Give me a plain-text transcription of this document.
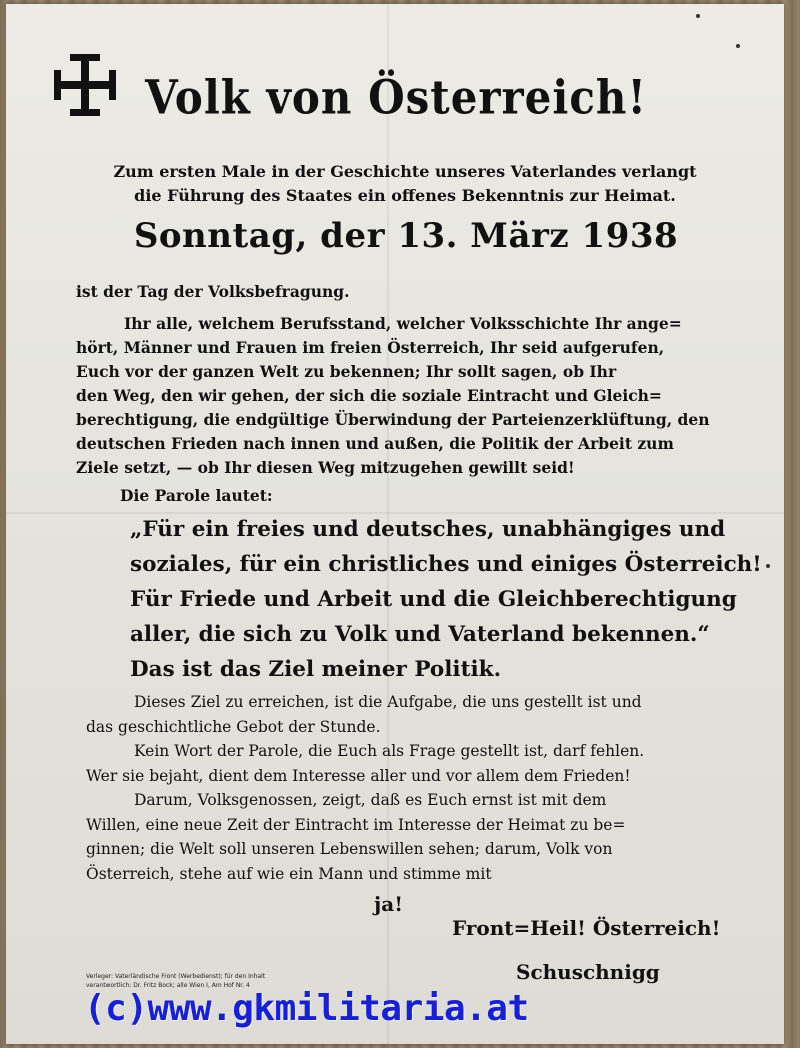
Volk von Österreich!
Zum ersten Male in der Geschichte unseres Vaterlandes verlangt
die Führung des Staates ein offenes Bekenntnis zur Heimat.
Sonntag, der 13. März 1938
ist der Tag der Volksbefragung.
Ihr alle, welchem Berufsstand, welcher Volksschichte Ihr ange=
hört, Männer und Frauen im freien Österreich, Ihr seid aufgerufen,
Euch vor der ganzen Welt zu bekennen; Ihr sollt sagen, ob Ihr
den Weg, den wir gehen, der sich die soziale Eintracht und Gleich=
berechtigung, die endgültige Überwindung der Parteienzerklüftung, den
deutschen Frieden nach innen und außen, die Politik der Arbeit zum
Ziele setzt, — ob Ihr diesen Weg mitzugehen gewillt seid!
Die Parole lautet:
„Für ein freies und deutsches, unabhängiges und
soziales, für ein christliches und einiges Österreich!
Für Friede und Arbeit und die Gleichberechtigung
aller, die sich zu Volk und Vaterland bekennen.“
Das ist das Ziel meiner Politik.
Dieses Ziel zu erreichen, ist die Aufgabe, die uns gestellt ist und
das geschichtliche Gebot der Stunde.
Kein Wort der Parole, die Euch als Frage gestellt ist, darf fehlen.
Wer sie bejaht, dient dem Interesse aller und vor allem dem Frieden!
Darum, Volksgenossen, zeigt, daß es Euch ernst ist mit dem
Willen, eine neue Zeit der Eintracht im Interesse der Heimat zu be=
ginnen; die Welt soll unseren Lebenswillen sehen; darum, Volk von
Österreich, stehe auf wie ein Mann und stimme mit
ja!
Front=Heil! Österreich!
Schuschnigg
Verleger: Vaterländische Front (Werbedienst); für den Inhalt
verantwortlich: Dr. Fritz Bock; alle Wien I, Am Hof Nr. 4
(c)www.gkmilitaria.at
